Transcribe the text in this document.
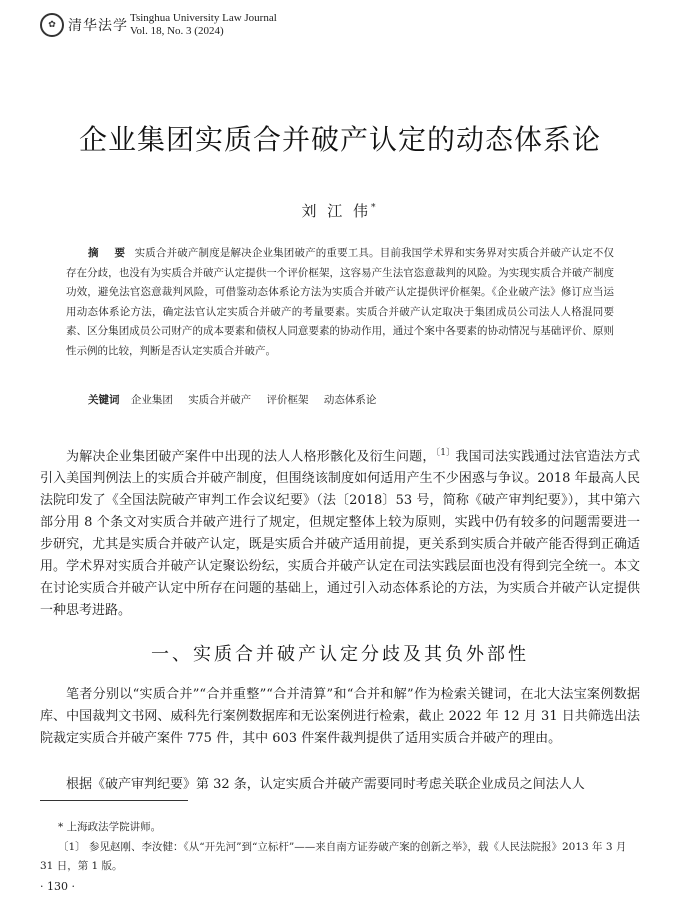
✿ 清华法学 Tsinghua University Law Journal
Vol. 18, No. 3 (2024)
企业集团实质合并破产认定的动态体系论
刘 江 伟*
摘 要 实质合并破产制度是解决企业集团破产的重要工具。目前我国学术界和实务界对实质合并破产认定不仅存在分歧，也没有为实质合并破产认定提供一个评价框架，这容易产生法官恣意裁判的风险。为实现实质合并破产制度功效，避免法官恣意裁判风险，可借鉴动态体系论方法为实质合并破产认定提供评价框架。《企业破产法》修订应当运用动态体系论方法，确定法官认定实质合并破产的考量要素。实质合并破产认定取决于集团成员公司法人人格混同要素、区分集团成员公司财产的成本要素和债权人同意要素的协动作用，通过个案中各要素的协动情况与基础评价、原则性示例的比较，判断是否认定实质合并破产。
关键词 企业集团 实质合并破产 评价框架 动态体系论
为解决企业集团破产案件中出现的法人人格形骸化及衍生问题，$^{〔1〕}$我国司法实践通过法官造法方式引入美国判例法上的实质合并破产制度，但围绕该制度如何适用产生不少困惑与争议。2018 年最高人民法院印发了《全国法院破产审判工作会议纪要》（法〔2018〕53 号，简称《破产审判纪要》），其中第六部分用 8 个条文对实质合并破产进行了规定，但规定整体上较为原则，实践中仍有较多的问题需要进一步研究，尤其是实质合并破产认定，既是实质合并破产适用前提，更关系到实质合并破产能否得到正确适用。学术界对实质合并破产认定聚讼纷纭，实质合并破产认定在司法实践层面也没有得到完全统一。本文在讨论实质合并破产认定中所存在问题的基础上，通过引入动态体系论的方法，为实质合并破产认定提供一种思考进路。
一、实质合并破产认定分歧及其负外部性
笔者分别以“实质合并”“合并重整”“合并清算”和“合并和解”作为检索关键词，在北大法宝案例数据库、中国裁判文书网、威科先行案例数据库和无讼案例进行检索，截止 2022 年 12 月 31 日共筛选出法院裁定实质合并破产案件 775 件，其中 603 件案件裁判提供了适用实质合并破产的理由。
根据《破产审判纪要》第 32 条，认定实质合并破产需要同时考虑关联企业成员之间法人人
* 上海政法学院讲师。
〔1〕 参见赵刚、李汝健：《从“开先河”到“立标杆”——来自南方证券破产案的创新之举》，载《人民法院报》2013 年 3 月 31 日，第 1 版。
· 130 ·
